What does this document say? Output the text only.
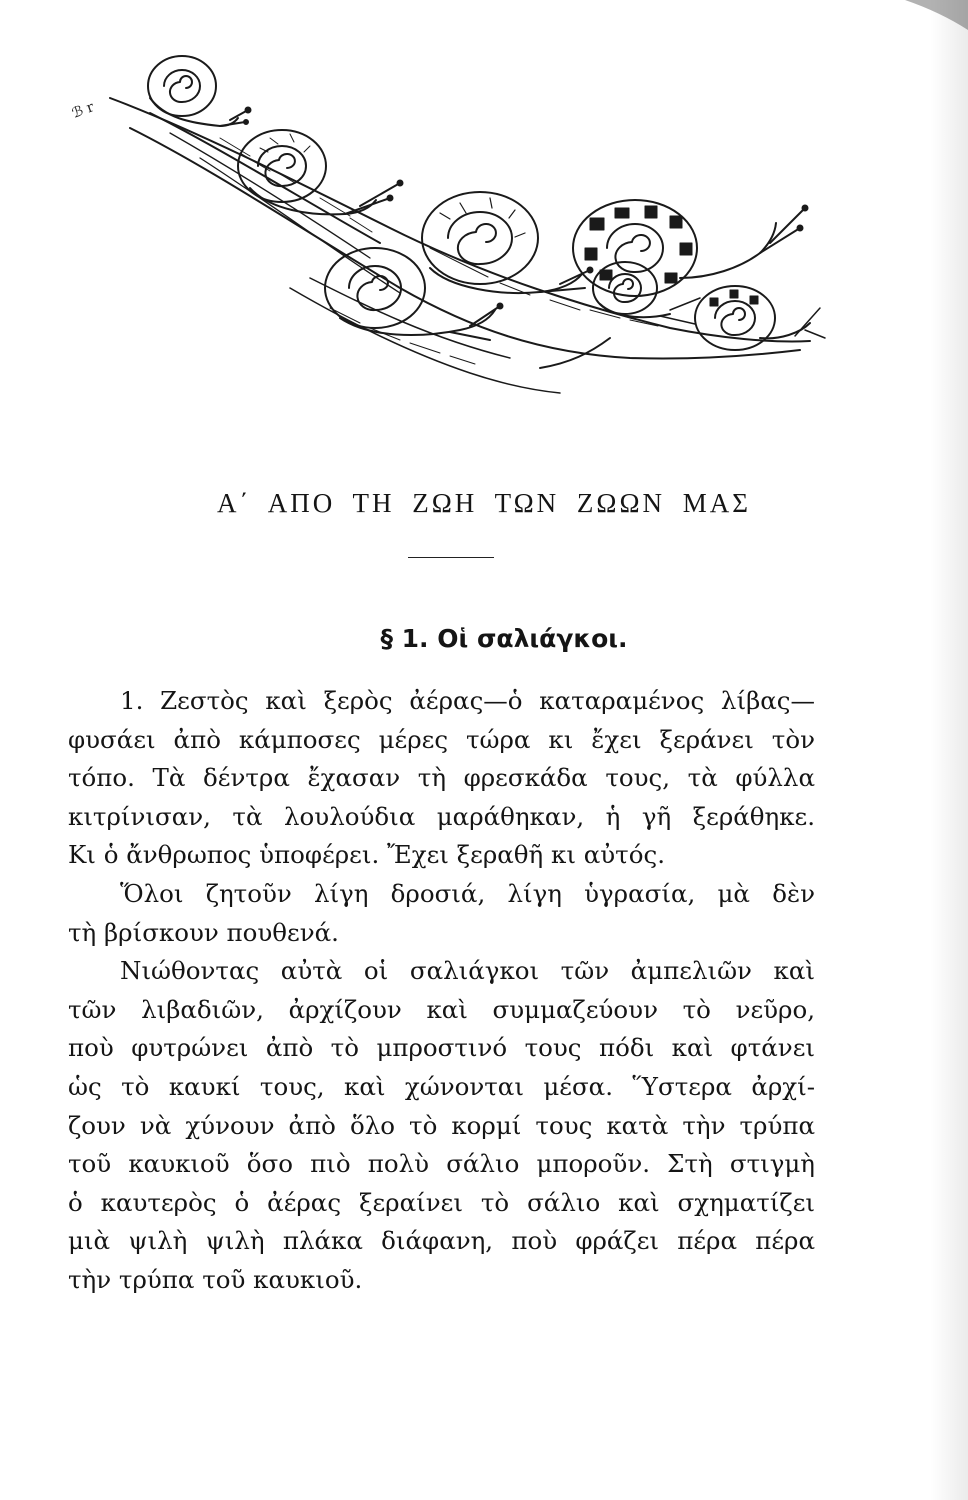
ℬ r
Α΄ ΑΠΟ ΤΗ ΖΩΗ ΤΩΝ ΖΩΩΝ ΜΑΣ
§ 1. Οἱ σαλιάγκοι.
1. Ζεστὸς καὶ ξερὸς ἀέρας—ὁ καταραμένος λίβας—
φυσάει ἀπὸ κάμποσες μέρες τώρα κι ἔχει ξεράνει τὸν
τόπο. Τὰ δέντρα ἔχασαν τὴ φρεσκάδα τους, τὰ φύλλα
κιτρίνισαν, τὰ λουλούδια μαράθηκαν, ἡ γῆ ξεράθηκε.
Κι ὁ ἄνθρωπος ὑποφέρει. Ἔχει ξεραθῆ κι αὐτός.
Ὅλοι ζητοῦν λίγη δροσιά, λίγη ὑγρασία, μὰ δὲν
τὴ βρίσκουν πουθενά.
Νιώθοντας αὐτὰ οἱ σαλιάγκοι τῶν ἀμπελιῶν καὶ
τῶν λιβαδιῶν, ἀρχίζουν καὶ συμμαζεύουν τὸ νεῦρο,
ποὺ φυτρώνει ἀπὸ τὸ μπροστινό τους πόδι καὶ φτάνει
ὡς τὸ καυκί τους, καὶ χώνονται μέσα. Ὕστερα ἀρχί-
ζουν νὰ χύνουν ἀπὸ ὅλο τὸ κορμί τους κατὰ τὴν τρύπα
τοῦ καυκιοῦ ὅσο πιὸ πολὺ σάλιο μποροῦν. Στὴ στιγμὴ
ὁ καυτερὸς ὁ ἀέρας ξεραίνει τὸ σάλιο καὶ σχηματίζει
μιὰ ψιλὴ ψιλὴ πλάκα διάφανη, ποὺ φράζει πέρα πέρα
τὴν τρύπα τοῦ καυκιοῦ.
